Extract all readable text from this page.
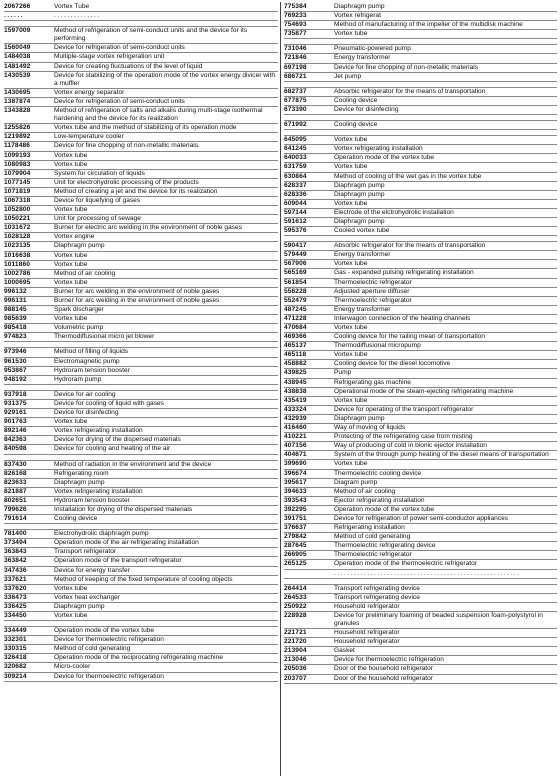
2067266	Vortex Tube
......	..............
1597009	Method of refrigeration of semi-conduct units and the device for its performing
1560049	Device for refrigeration of semi-conduct units
1484038	Multiple-stage vortex refrigeration unit
1481492	Device for creating fluctuations of the level of liquid
1430539	Device for stabilizing of the operation mode of the vortex energy divicer with a muffler
1430695	Vortex energy separator
1387874	Device for refrigeration of semi-conduct units
1343828	Method of refrigeration of salts and alkalis during multi-stage isothermal hardening and the device for its realization
1255826	Vortex tube and the method of stabilizing of its operation mode
1219892	Low-temperature cooler
1178486	Device for fine chopping of non-metallic materials.
1099193	Vortex tube
1080983	Vortex tube
1079904	System for circulation of liquids
1077145	Unit for electrohydrolic processing of the products
1071819	Method of creating a jet and the device for its realization
1067318	Device for liquefying of gases
1052800	Vortex tube
1050221	Unit for processing of sewage
1031672	Burner for electric arc welding in the environment of noble gases
1028128	Vortex engine
1023135	Diaphragm pump
1016638	Vortex tube
1011860	Vortex tube
1002786	Method of air cooling
1000695	Vortex tube
996132	Burner for arc welding in the environment of noble gases
996131	Burner for arc welding in the environment of noble gases
988145	Spark discharger
985639	Vortex tube
985418	Volumetric pump
974823	Thermodiffusional micro jet blower
973946	Method of filling of liquids
961530	Electromagnetic pump
953867	Hydroram tension booster
948192	Hydroram pump
937918	Device for air cooling
931375	Device for cooling of liquid with gases
929161	Device for disinfecting
901763	Vortex tube
892146	Vortex refrigerating installation
842363	Device for drying of the dispersed materials
840598	Device for cooling and heating of the air
837430	Method of radiation in the environment and the device
826168	Refrigerating room
823633	Diaphragm pump
821887	Vortex refrigerating installation
802651	Hydroram tension booster
799626	Installation for drying of the dispersed materials
791614	Cooling device
781400	Electrohydrolic diaphragm pump
373494	Operation mode of the air refrigerating installation
363843	Transport refrigerator
363842	Operation mode of the transport refrigerator
347436	Device for energy transfer
337621	Method of keeping of the fixed temperature of cooling objects
337620	Vortex tube
336473	Vortex heat exchanger
336425	Diaphragm pump
334450	Vortex tube
334449	Operation mode of the vortex tube
332301	Device for thermoelectric refrigeration
330315	Method of cold generating
326418	Operation mode of the reciprocating refrigerating machine
320682	Micro-cooler
309214	Device for thermoelectric refrigeration
775384	Diaphragm pump
769233	Vortex refrigerat
754693	Method of manufacturing of the impeller of the multidisk machine
735877	Vortex tube
731046	Pneumatic-powered pump
721846	Energy transformer
697198	Device for fine chopping of non-metallic materials
686721	Jet pump
682737	Absorbic refrigerator for the means of transportation
677875	Cooling device
673390	Device for disinfecting
671992	Cooling device
645095	Vortex tube
641245	Vortex refrigerating installation
640033	Operation mode of the vortex tube
631759	Vortex tube
630864	Method of cooling of the wet gas in the vortex tube
628337	Diaphragm pump
628336	Diaphragm pump
609044	Vortex tube
597144	Electrode of the elctrohydrolic installation
591612	Diaphragm pump
595376	Cooled vortex tube
590417	Absorbic refrigerator for the means of transportation
579449	Energy transformer
567906	Vortex tube
565169	Gas - expanded pulsing refrigerating installation
561854	Thermoelectric refrigerator
556228	Adjusted aperture diffuser
552479	Thermoelectric refrigerator
487245	Energy transformer
471228	Interwagon connection of the heating channels
470684	Vortex tube
469366	Cooling device for the railing mean of transportation
465137	Thermodiffusional micropump
465118	Vortex tube
458882	Cooling device for the diesel locomotive
439825	Pump
438945	Refrigerating gas machine
438838	Operational mode of the steam-ejecting refrigerating machine
435419	Vortex tube
433324	Device for operating of the transport refrigerator
432939	Diaphragm pump
416460	Way of moving of liquids
410221	Protecting of the refrigerating case from misting
407156	Way of producing of cold in bionic ejector installation
404671	System of the through pump heating of the diesel means of transportation
399690	Vortex tube
396674	Thermoelectric cooling device
395617	Diagram pump
394633	Method of air cooling
393543	Ejector refrigerating installation
392295	Operation mode of the vortex tube
391751	Device for refrigeration of power semi-conductor appliances
376637	Refrigerating installation
279842	Method of cold generating
287645	Thermoelectric refrigerating device
266905	Thermoelectric refrigerator
265125	Operation mode of the thermoelectric refrigerator
........................................................
264414	Transport refrigerating device
264533	Transport refrigerating device
250922	Household refrigerator
228928	Device for preliminary foaming of beaded suspension foam-polystyrol in granules
221721	Household refrigerator
221720	Household refrigerator
213904	Gasket
213046	Device for thermoelectric refrigeration
205036	Door of the household refrigerator
203707	Door of the household refrigerator
